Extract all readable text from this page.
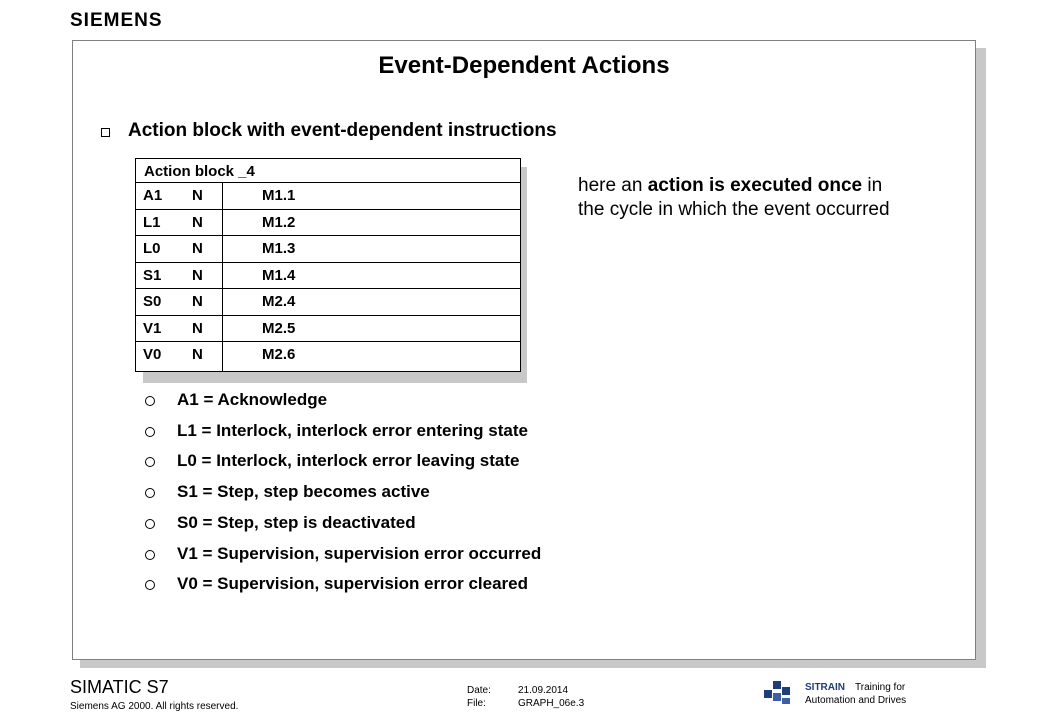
SIEMENS
Event-Dependent Actions
Action block with event-dependent instructions
Action block _4
A1 N	M1.1
L1 N	M1.2
L0 N	M1.3
S1 N	M1.4
S0 N	M2.4
V1 N	M2.5
V0 N	M2.6
here an action is executed once in the cycle in which the event occurred
A1 = Acknowledge
L1 = Interlock, interlock error entering state
L0 = Interlock, interlock error leaving state
S1 = Step, step becomes active
S0 = Step, step is deactivated
V1 = Supervision, supervision error occurred
V0 = Supervision, supervision error cleared
SIMATIC S7
Siemens AG 2000. All rights reserved.
Date:	21.09.2014
File:	GRAPH_06e.3
SITRAIN Training for
Automation and Drives
